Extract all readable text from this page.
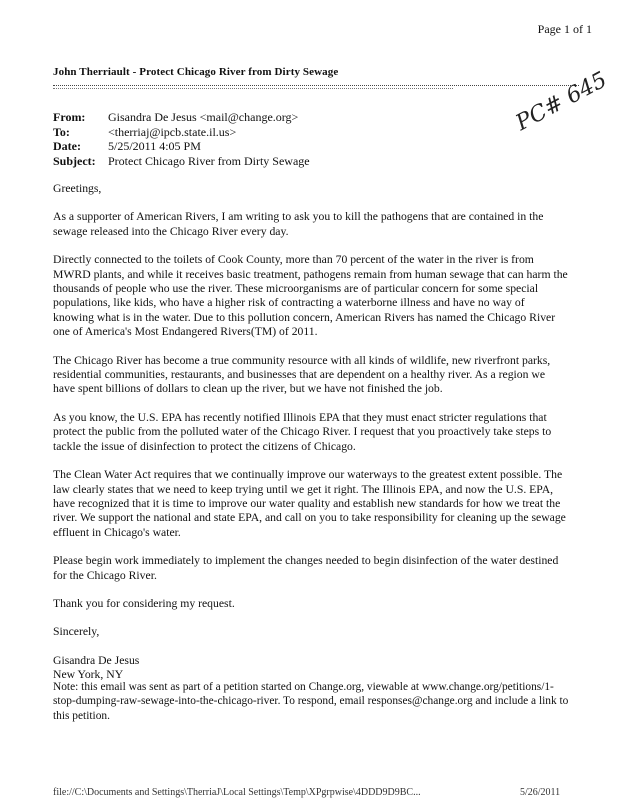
Page 1 of 1
John Therriault - Protect Chicago River from Dirty Sewage
From:	Gisandra De Jesus <mail@change.org>
To:	<therriaj@ipcb.state.il.us>
Date:	5/25/2011 4:05 PM
Subject:	Protect Chicago River from Dirty Sewage
PC# 645

Greetings,

As a supporter of American Rivers, I am writing to ask you to kill the pathogens that are contained in the sewage released into the Chicago River every day.

Directly connected to the toilets of Cook County, more than 70 percent of the water in the river is from MWRD plants, and while it receives basic treatment, pathogens remain from human sewage that can harm the thousands of people who use the river. These microorganisms are of particular concern for some special populations, like kids, who have a higher risk of contracting a waterborne illness and have no way of knowing what is in the water. Due to this pollution concern, American Rivers has named the Chicago River one of America's Most Endangered Rivers(TM) of 2011.

The Chicago River has become a true community resource with all kinds of wildlife, new riverfront parks, residential communities, restaurants, and businesses that are dependent on a healthy river. As a region we have spent billions of dollars to clean up the river, but we have not finished the job.

As you know, the U.S. EPA has recently notified Illinois EPA that they must enact stricter regulations that protect the public from the polluted water of the Chicago River. I request that you proactively take steps to tackle the issue of disinfection to protect the citizens of Chicago.

The Clean Water Act requires that we continually improve our waterways to the greatest extent possible. The law clearly states that we need to keep trying until we get it right. The Illinois EPA, and now the U.S. EPA, have recognized that it is time to improve our water quality and establish new standards for how we treat the river. We support the national and state EPA, and call on you to take responsibility for cleaning up the sewage effluent in Chicago's water.

Please begin work immediately to implement the changes needed to begin disinfection of the water destined for the Chicago River.

Thank you for considering my request.

Sincerely,

Gisandra De Jesus

New York, NY

Note: this email was sent as part of a petition started on Change.org, viewable at www.change.org/petitions/1-stop-dumping-raw-sewage-into-the-chicago-river. To respond, email responses@change.org and include a link to this petition.
file://C:\Documents and Settings\TherriaJ\Local Settings\Temp\XPgrpwise\4DDD9D9BC...	5/26/2011
